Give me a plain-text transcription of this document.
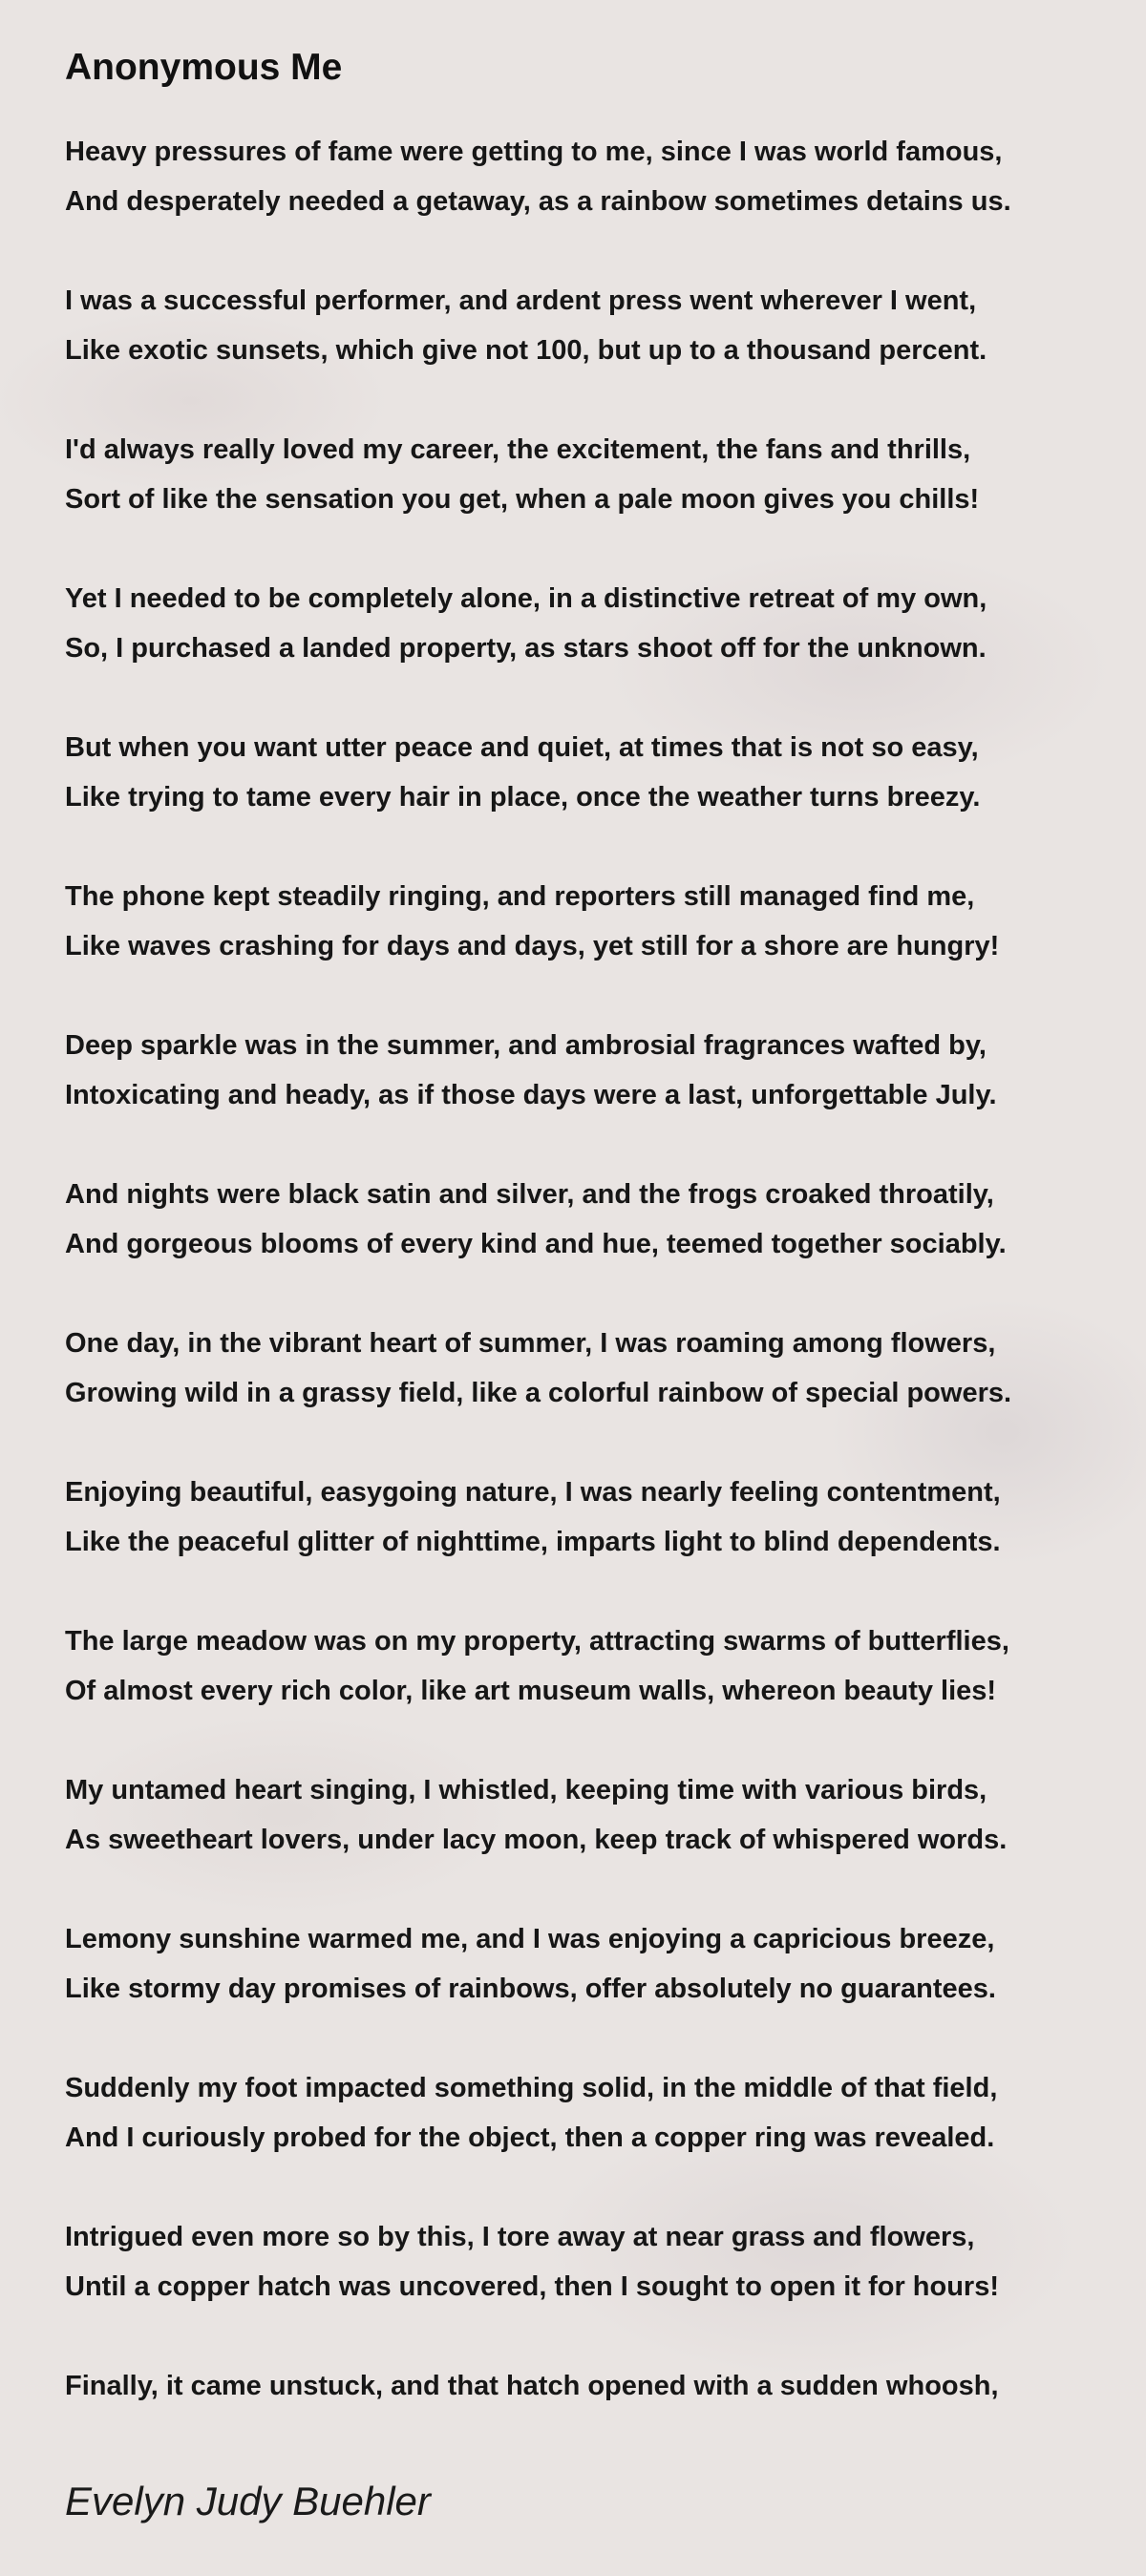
Anonymous Me
Heavy pressures of fame were getting to me, since I was world famous,
And desperately needed a getaway, as a rainbow sometimes detains us.
I was a successful performer, and ardent press went wherever I went,
Like exotic sunsets, which give not 100, but up to a thousand percent.
I'd always really loved my career, the excitement, the fans and thrills,
Sort of like the sensation you get, when a pale moon gives you chills!
Yet I needed to be completely alone, in a distinctive retreat of my own,
So, I purchased a landed property, as stars shoot off for the unknown.
But when you want utter peace and quiet, at times that is not so easy,
Like trying to tame every hair in place, once the weather turns breezy.
The phone kept steadily ringing, and reporters still managed find me,
Like waves crashing for days and days, yet still for a shore are hungry!
Deep sparkle was in the summer, and ambrosial fragrances wafted by,
Intoxicating and heady, as if those days were a last, unforgettable July.
And nights were black satin and silver, and the frogs croaked throatily,
And gorgeous blooms of every kind and hue, teemed together sociably.
One day, in the vibrant heart of summer, I was roaming among flowers,
Growing wild in a grassy field, like a colorful rainbow of special powers.
Enjoying beautiful, easygoing nature, I was nearly feeling contentment,
Like the peaceful glitter of nighttime, imparts light to blind dependents.
The large meadow was on my property, attracting swarms of butterflies,
Of almost every rich color, like art museum walls, whereon beauty lies!
My untamed heart singing, I whistled, keeping time with various birds,
As sweetheart lovers, under lacy moon, keep track of whispered words.
Lemony sunshine warmed me, and I was enjoying a capricious breeze,
Like stormy day promises of rainbows, offer absolutely no guarantees.
Suddenly my foot impacted something solid, in the middle of that field,
And I curiously probed for the object, then a copper ring was revealed.
Intrigued even more so by this, I tore away at near grass and flowers,
Until a copper hatch was uncovered, then I sought to open it for hours!
Finally, it came unstuck, and that hatch opened with a sudden whoosh,
Evelyn Judy Buehler
